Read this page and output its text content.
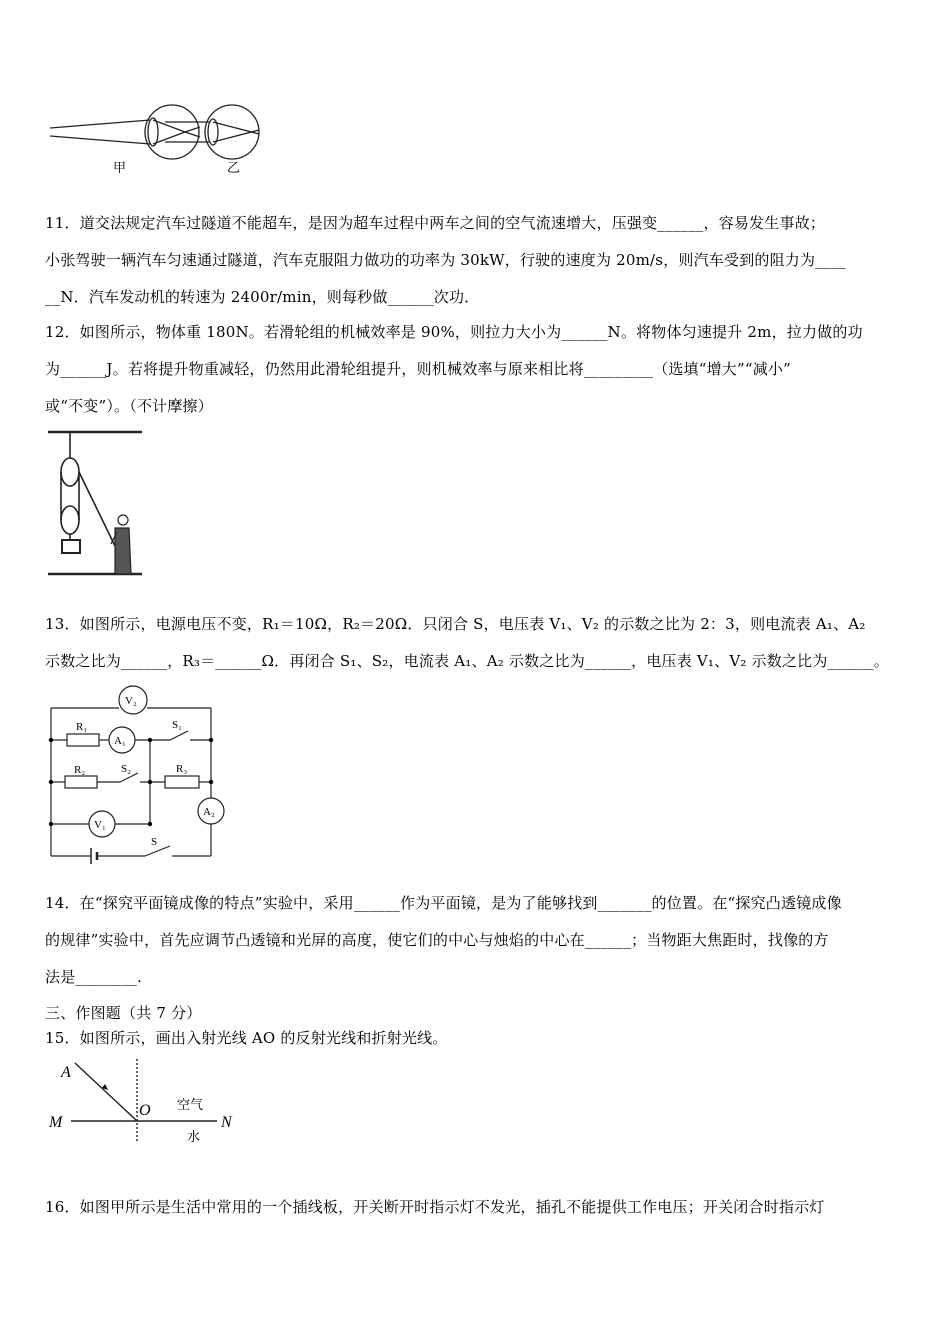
甲	乙
11．道交法规定汽车过隧道不能超车，是因为超车过程中两车之间的空气流速增大，压强变______，容易发生事故；
小张驾驶一辆汽车匀速通过隧道，汽车克服阻力做功的功率为 30kW，行驶的速度为 20m/s，则汽车受到的阻力为____
__N．汽车发动机的转速为 2400r/min，则每秒做______次功．
12．如图所示，物体重 180N。若滑轮组的机械效率是 90%，则拉力大小为______N。将物体匀速提升 2m，拉力做的功
为______J。若将提升物重减轻，仍然用此滑轮组提升，则机械效率与原来相比将_________（选填“增大”“减小”
或“不变”）。（不计摩擦）
13．如图所示，电源电压不变，R₁＝10Ω，R₂＝20Ω．只闭合 S，电压表 V₁、V₂ 的示数之比为 2：3，则电流表 A₁、A₂
示数之比为______，R₃＝______Ω．再闭合 S₁、S₂，电流表 A₁、A₂ 示数之比为______，电压表 V₁、V₂ 示数之比为______。
V₂
R₁
A₁
S₁
R₂	S₂	R₃
A₂
V₁
S
14．在“探究平面镜成像的特点”实验中，采用______作为平面镜，是为了能够找到_______的位置。在“探究凸透镜成像
的规律”实验中，首先应调节凸透镜和光屏的高度，使它们的中心与烛焰的中心在______；当物距大焦距时，找像的方
法是________.
三、作图题（共 7 分）
15．如图所示，画出入射光线 AO 的反射光线和折射光线。
A
O
M	N
空气
水
16．如图甲所示是生活中常用的一个插线板，开关断开时指示灯不发光，插孔不能提供工作电压；开关闭合时指示灯
